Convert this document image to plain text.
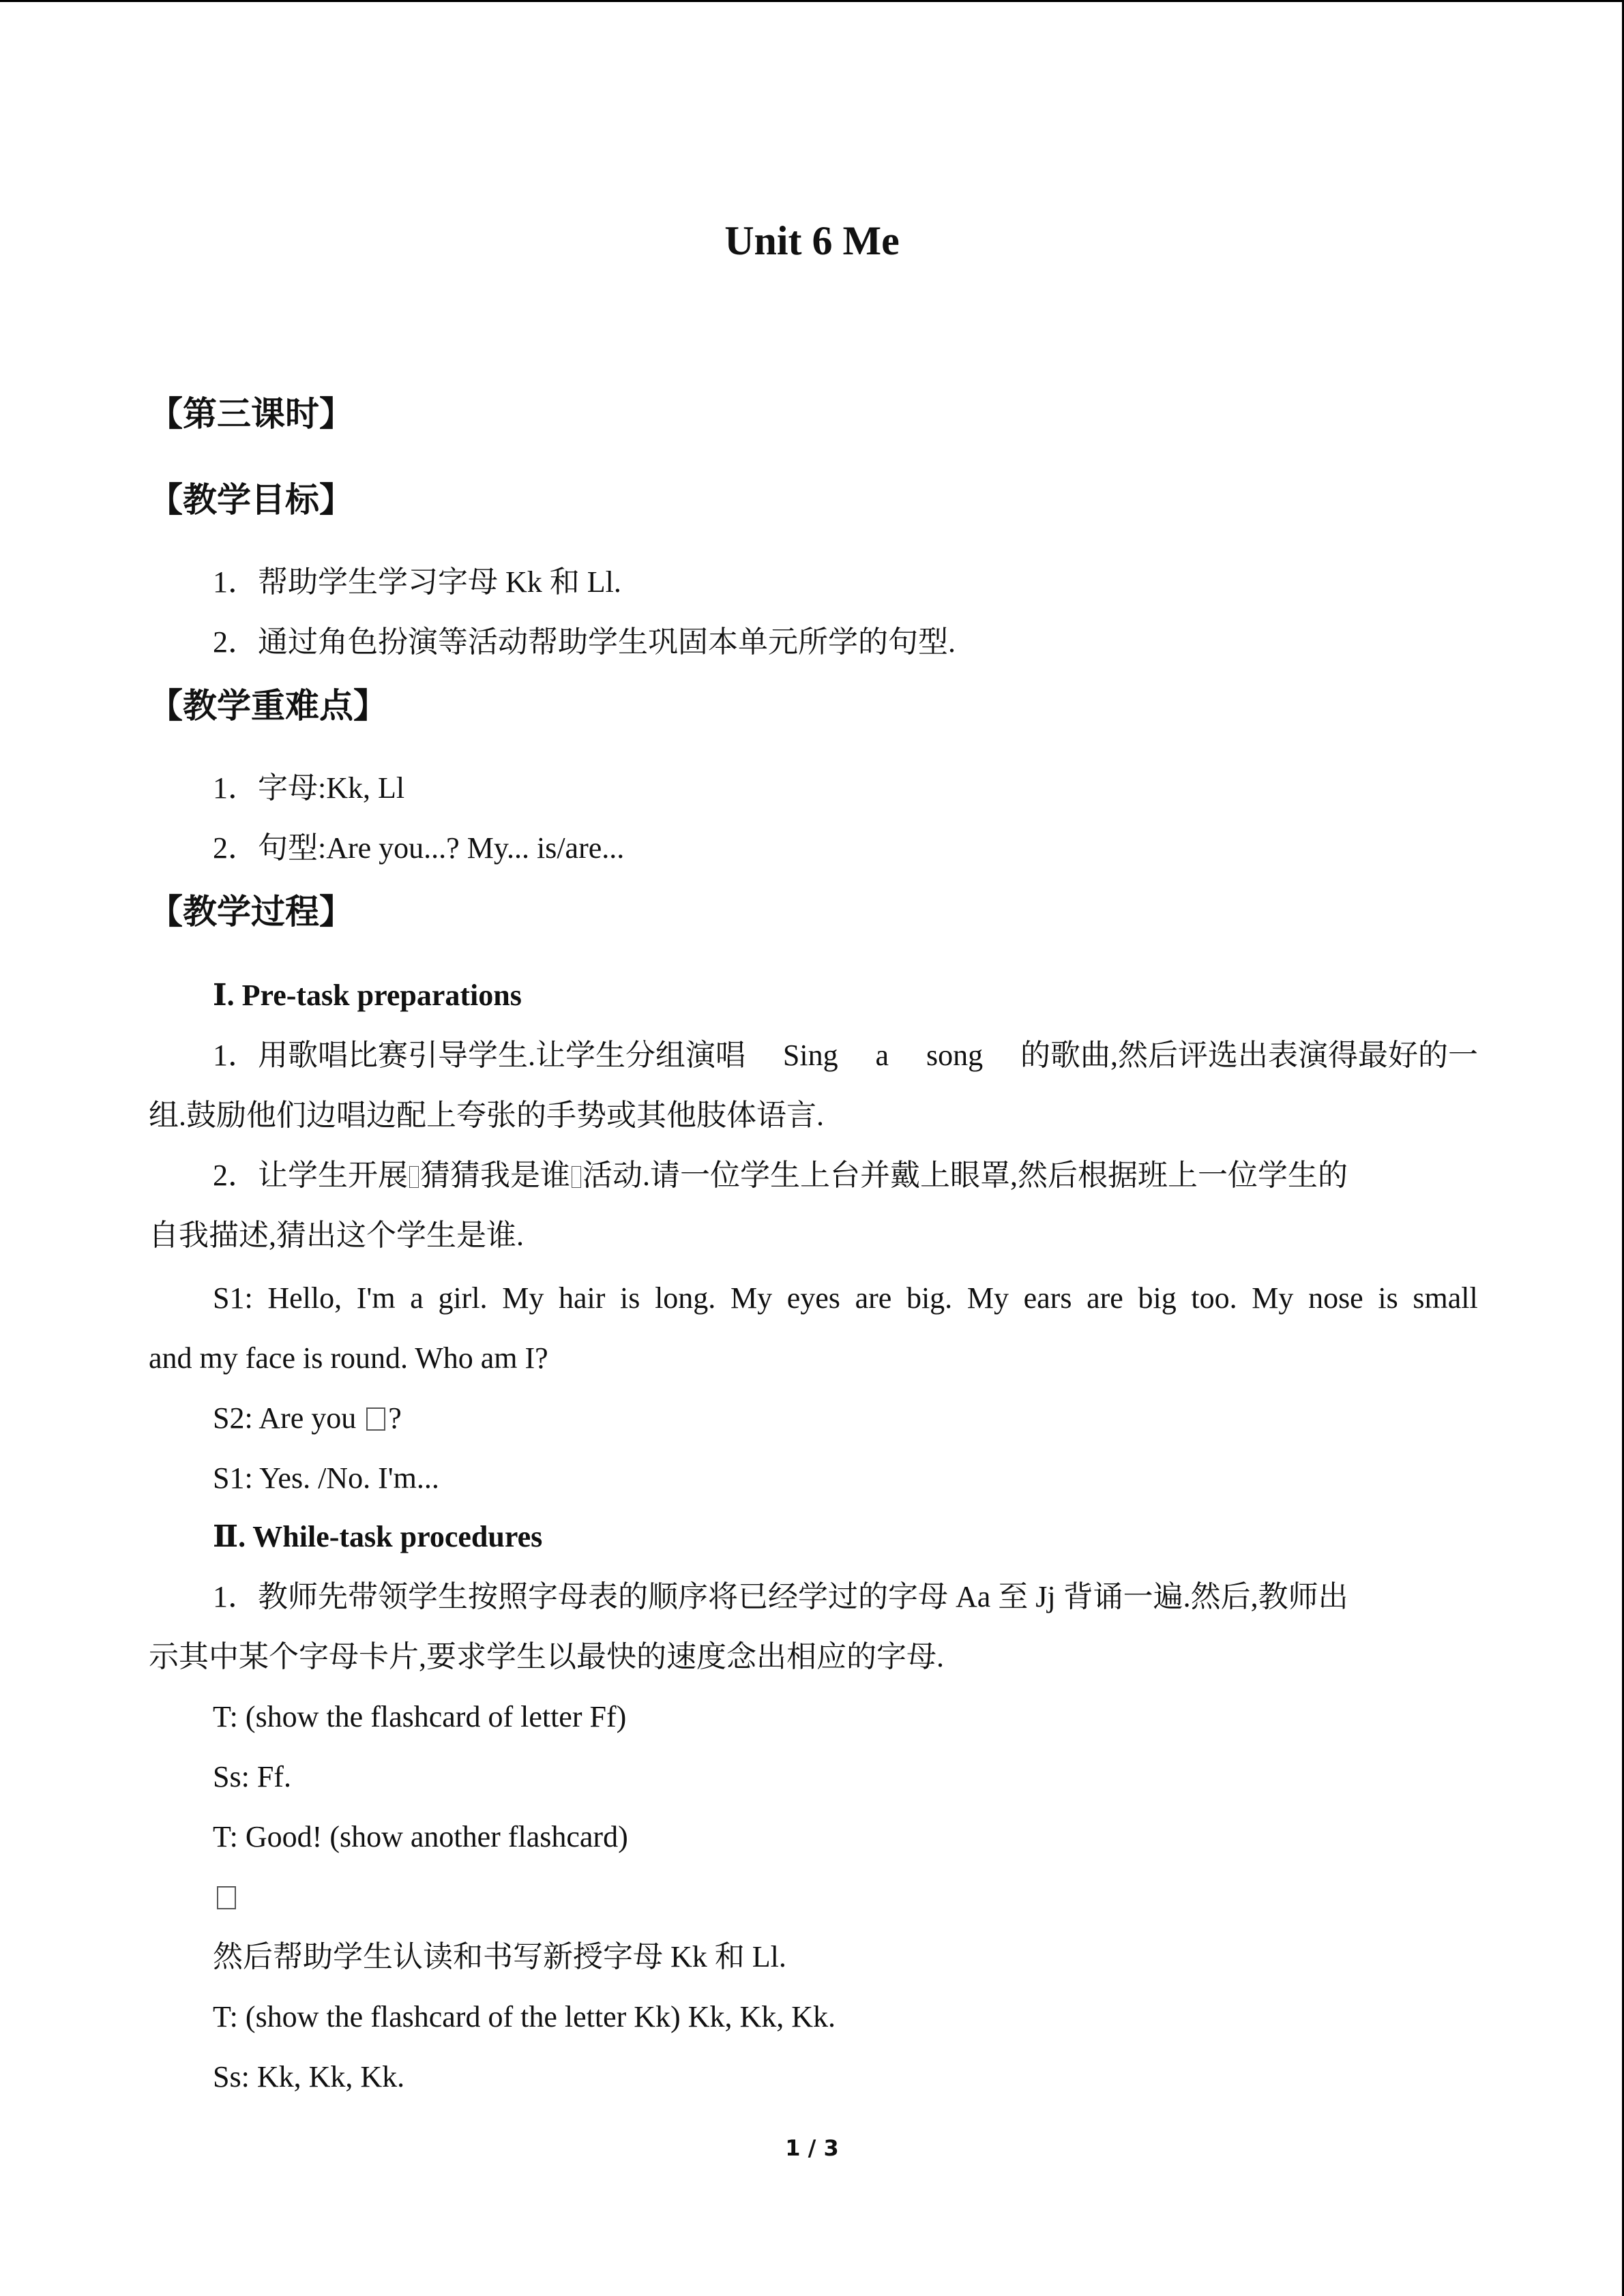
Unit 6 Me
【第三课时】
【教学目标】
1．帮助学生学习字母 Kk 和 Ll.
2．通过角色扮演等活动帮助学生巩固本单元所学的句型.
【教学重难点】
1．字母:Kk, Ll
2．句型:Are you...? My... is/are...
【教学过程】
Ⅰ. Pre-task preparations
1．用歌唱比赛引导学生.让学生分组演唱 Sing a song 的歌曲,然后评选出表演得最好的一
组.鼓励他们边唱边配上夸张的手势或其他肢体语言.
2．让学生开展 猜猜我是谁 活动.请一位学生上台并戴上眼罩,然后根据班上一位学生的
自我描述,猜出这个学生是谁.
S1: Hello, I'm a girl. My hair is long. My eyes are big. My ears are big too. My nose is small
and my face is round. Who am I?
S2: Are you ?
S1: Yes. /No. I'm...
Ⅱ. While-task procedures
1．教师先带领学生按照字母表的顺序将已经学过的字母 Aa 至 Jj 背诵一遍.然后,教师出
示其中某个字母卡片,要求学生以最快的速度念出相应的字母.
T: (show the flashcard of letter Ff)
Ss: Ff.
T: Good! (show another flashcard)
然后帮助学生认读和书写新授字母 Kk 和 Ll.
T: (show the flashcard of the letter Kk) Kk, Kk, Kk.
Ss: Kk, Kk, Kk.
1 / 3
